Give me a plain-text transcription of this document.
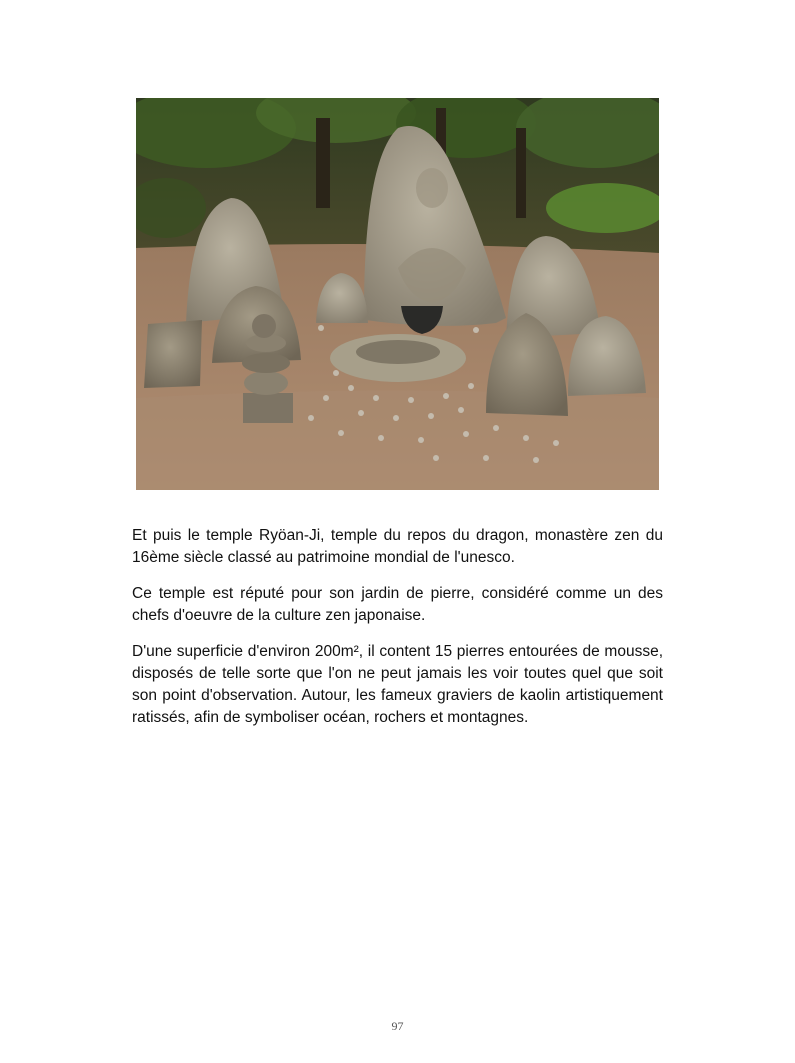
Et puis le temple Ryöan-Ji, temple du repos du dragon, monastère zen du 16ème siècle classé au patrimoine mondial de l'unesco.

Ce temple est réputé pour son jardin de pierre, considéré comme un des chefs d'oeuvre de la culture zen japonaise.

D'une superficie d'environ 200m², il content 15 pierres entourées de mousse, disposés de telle sorte que l'on ne peut jamais les voir toutes quel que soit son point d'observation. Autour, les fameux graviers de kaolin artistiquement ratissés, afin de symboliser océan, rochers et montagnes.

97
